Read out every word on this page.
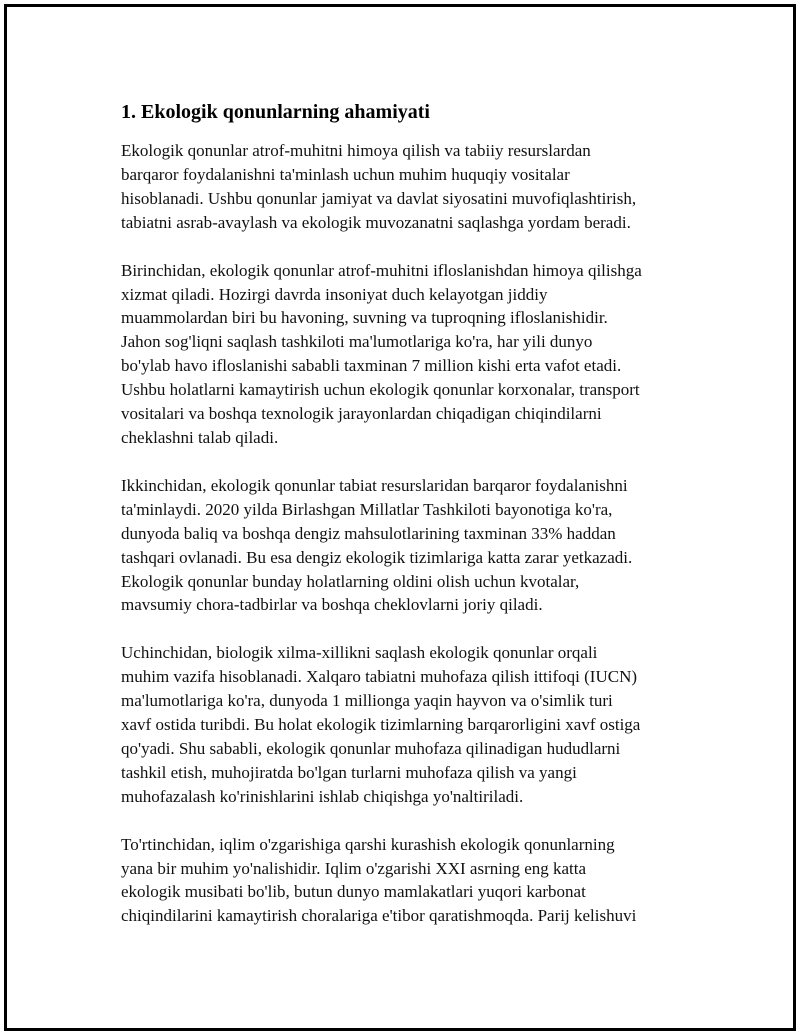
1. Ekologik qonunlarning ahamiyati
Ekologik qonunlar atrof-muhitni himoya qilish va tabiiy resurslardan
barqaror foydalanishni ta'minlash uchun muhim huquqiy vositalar
hisoblanadi. Ushbu qonunlar jamiyat va davlat siyosatini muvofiqlashtirish,
tabiatni asrab-avaylash va ekologik muvozanatni saqlashga yordam beradi.
Birinchidan, ekologik qonunlar atrof-muhitni ifloslanishdan himoya qilishga
xizmat qiladi. Hozirgi davrda insoniyat duch kelayotgan jiddiy
muammolardan biri bu havoning, suvning va tuproqning ifloslanishidir.
Jahon sog'liqni saqlash tashkiloti ma'lumotlariga ko'ra, har yili dunyo
bo'ylab havo ifloslanishi sababli taxminan 7 million kishi erta vafot etadi.
Ushbu holatlarni kamaytirish uchun ekologik qonunlar korxonalar, transport
vositalari va boshqa texnologik jarayonlardan chiqadigan chiqindilarni
cheklashni talab qiladi.
Ikkinchidan, ekologik qonunlar tabiat resurslaridan barqaror foydalanishni
ta'minlaydi. 2020 yilda Birlashgan Millatlar Tashkiloti bayonotiga ko'ra,
dunyoda baliq va boshqa dengiz mahsulotlarining taxminan 33% haddan
tashqari ovlanadi. Bu esa dengiz ekologik tizimlariga katta zarar yetkazadi.
Ekologik qonunlar bunday holatlarning oldini olish uchun kvotalar,
mavsumiy chora-tadbirlar va boshqa cheklovlarni joriy qiladi.
Uchinchidan, biologik xilma-xillikni saqlash ekologik qonunlar orqali
muhim vazifa hisoblanadi. Xalqaro tabiatni muhofaza qilish ittifoqi (IUCN)
ma'lumotlariga ko'ra, dunyoda 1 millionga yaqin hayvon va o'simlik turi
xavf ostida turibdi. Bu holat ekologik tizimlarning barqarorligini xavf ostiga
qo'yadi. Shu sababli, ekologik qonunlar muhofaza qilinadigan hududlarni
tashkil etish, muhojiratda bo'lgan turlarni muhofaza qilish va yangi
muhofazalash ko'rinishlarini ishlab chiqishga yo'naltiriladi.
To'rtinchidan, iqlim o'zgarishiga qarshi kurashish ekologik qonunlarning
yana bir muhim yo'nalishidir. Iqlim o'zgarishi XXI asrning eng katta
ekologik musibati bo'lib, butun dunyo mamlakatlari yuqori karbonat
chiqindilarini kamaytirish choralariga e'tibor qaratishmoqda. Parij kelishuvi
